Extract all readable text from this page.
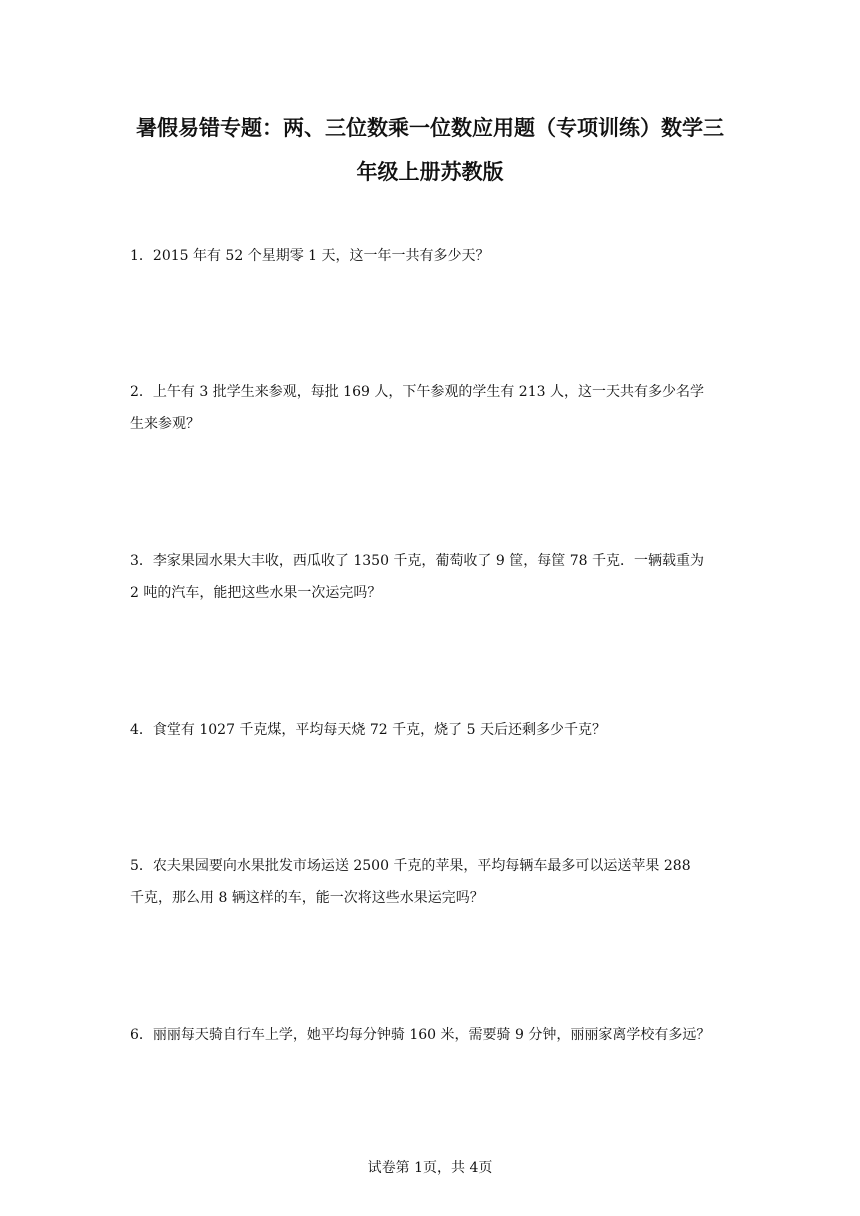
暑假易错专题：两、三位数乘一位数应用题（专项训练）数学三
年级上册苏教版
1．2015 年有 52 个星期零 1 天，这一年一共有多少天？
2．上午有 3 批学生来参观，每批 169 人，下午参观的学生有 213 人，这一天共有多少名学
生来参观？
3．李家果园水果大丰收，西瓜收了 1350 千克，葡萄收了 9 筐，每筐 78 千克．一辆载重为
2 吨的汽车，能把这些水果一次运完吗？
4．食堂有 1027 千克煤，平均每天烧 72 千克，烧了 5 天后还剩多少千克？
5．农夫果园要向水果批发市场运送 2500 千克的苹果，平均每辆车最多可以运送苹果 288
千克，那么用 8 辆这样的车，能一次将这些水果运完吗？
6．丽丽每天骑自行车上学，她平均每分钟骑 160 米，需要骑 9 分钟，丽丽家离学校有多远？
试卷第 1页，共 4页
